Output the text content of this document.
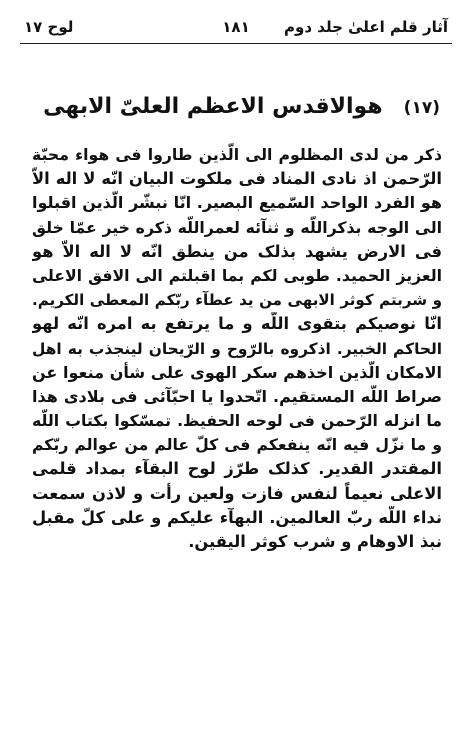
آثار قلم اعلیٰ جلد دوم
۱۸۱
لوح ۱۷
(۱۷) هوالاقدس الاعظم العلیّ الابهی
ذکر من لدی المظلوم الی الّذین طاروا فی هواء محبّة
الرّحمن اذ نادی المناد فی ملکوت البیان انّه لا اله الاّ
هو الفرد الواحد السّمیع البصیر. انّا نبشّر الّذین اقبلوا
الی الوجه بذکراللّه و ثنآئه لعمراللّه ذکره خیر عمّا خلق
فی الارض یشهد بذلک من ینطق انّه لا اله الاّ هو
العزیز الحمید. طوبی لکم بما اقبلتم الی الافق الاعلی
و شربتم کوثر الابهی من ید عطآء ربّکم المعطی الکریم.
انّا نوصیکم بتقوی اللّه و ما یرتفع به امره انّه لهو
الحاکم الخبیر. اذکروه بالرّوح و الرّیحان لینجذب به اهل
الامکان الّذین اخذهم سکر الهوی علی شأن منعوا عن
صراط اللّه المستقیم. اتّحدوا یا احبّآئی فی بلادی هذا
ما انزله الرّحمن فی لوحه الحفیظ. تمسّکوا بکتاب اللّه
و ما نزّل فیه انّه ینفعکم فی کلّ عالم من عوالم ربّکم
المقتدر القدیر. کذلک طرّز لوح البقآء بمداد قلمی
الاعلی نعیماً لنفس فازت ولعین رأت و لاذن سمعت
نداء اللّه ربّ العالمین. البهآء علیکم و علی کلّ مقبل
نبذ الاوهام و شرب کوثر الیقین.
